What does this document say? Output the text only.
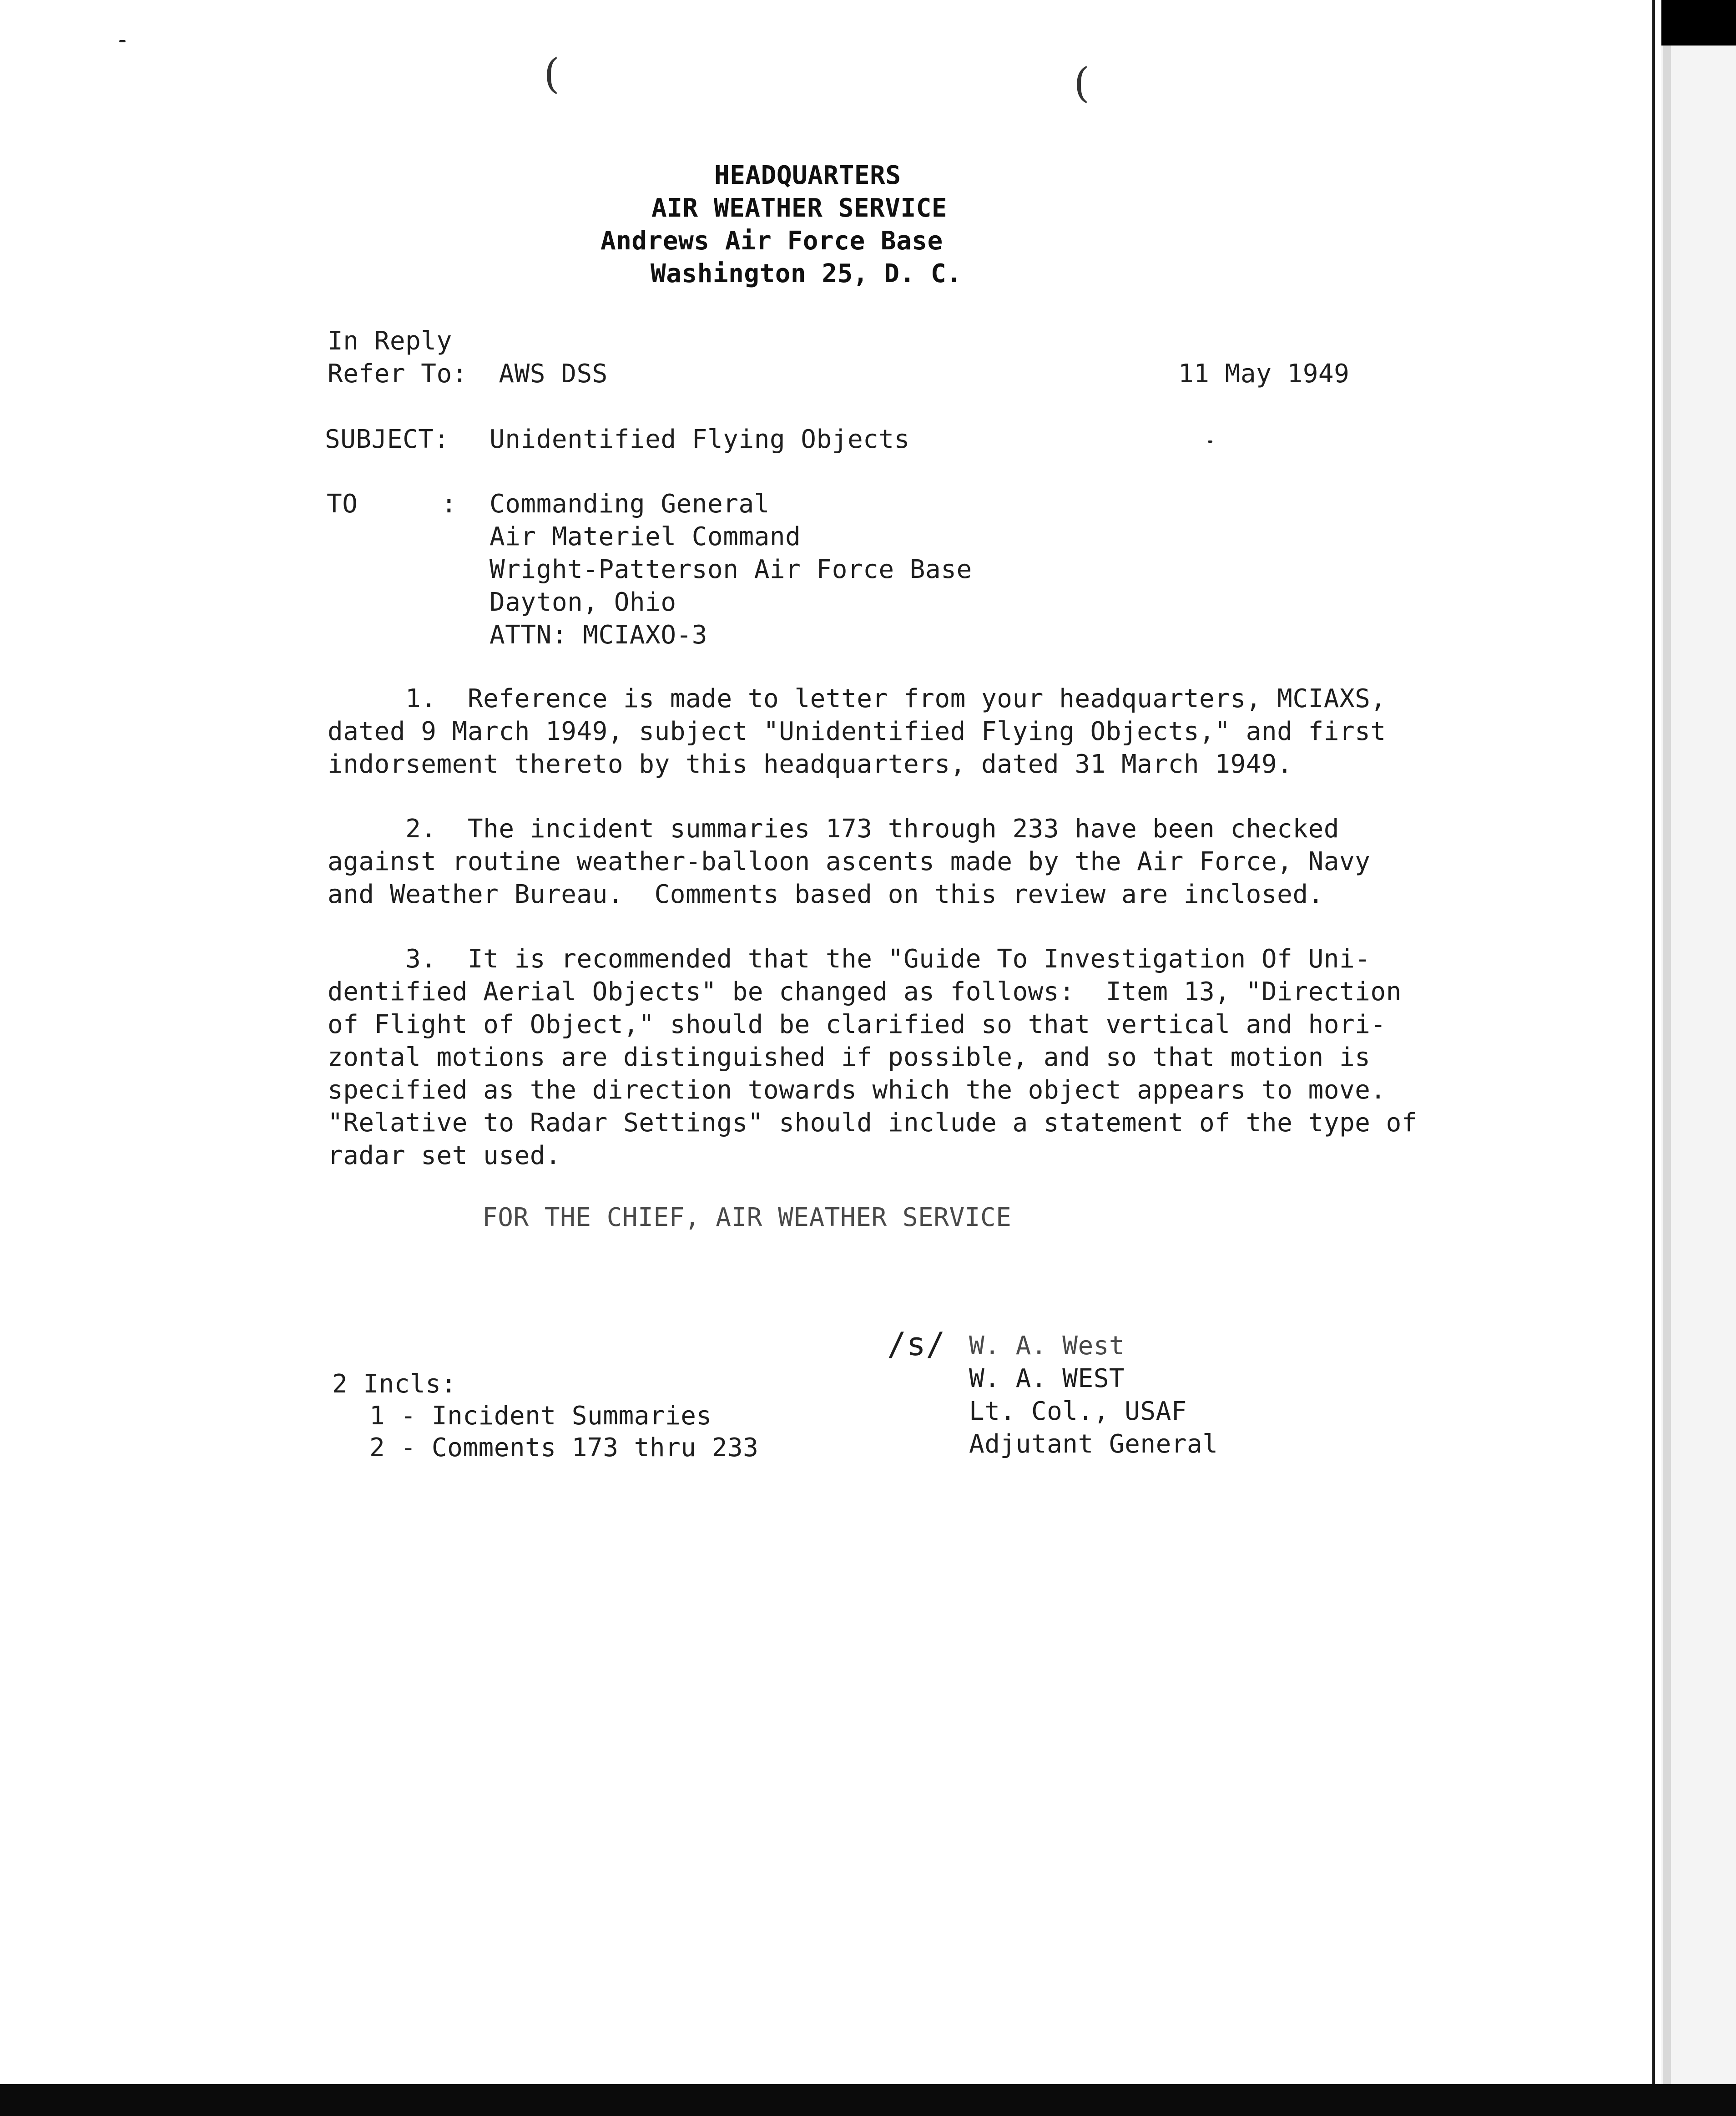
(	(
HEADQUARTERS
AIR WEATHER SERVICE
Andrews Air Force Base
Washington 25, D. C.
In Reply
Refer To:  AWS DSS	11 May 1949
SUBJECT: Unidentified Flying Objects
TO	: Commanding General
Air Materiel Command
Wright-Patterson Air Force Base
Dayton, Ohio
ATTN: MCIAXO-3
1.  Reference is made to letter from your headquarters, MCIAXS,
dated 9 March 1949, subject "Unidentified Flying Objects," and first
indorsement thereto by this headquarters, dated 31 March 1949.
2.  The incident summaries 173 through 233 have been checked
against routine weather-balloon ascents made by the Air Force, Navy
and Weather Bureau.  Comments based on this review are inclosed.
3.  It is recommended that the "Guide To Investigation Of Uni-
dentified Aerial Objects" be changed as follows:  Item 13, "Direction
of Flight of Object," should be clarified so that vertical and hori-
zontal motions are distinguished if possible, and so that motion is
specified as the direction towards which the object appears to move.
"Relative to Radar Settings" should include a statement of the type of
radar set used.
FOR THE CHIEF, AIR WEATHER SERVICE
/s/ W. A. West
W. A. WEST
Lt. Col., USAF
Adjutant General
2 Incls:
1 - Incident Summaries
2 - Comments 173 thru 233
